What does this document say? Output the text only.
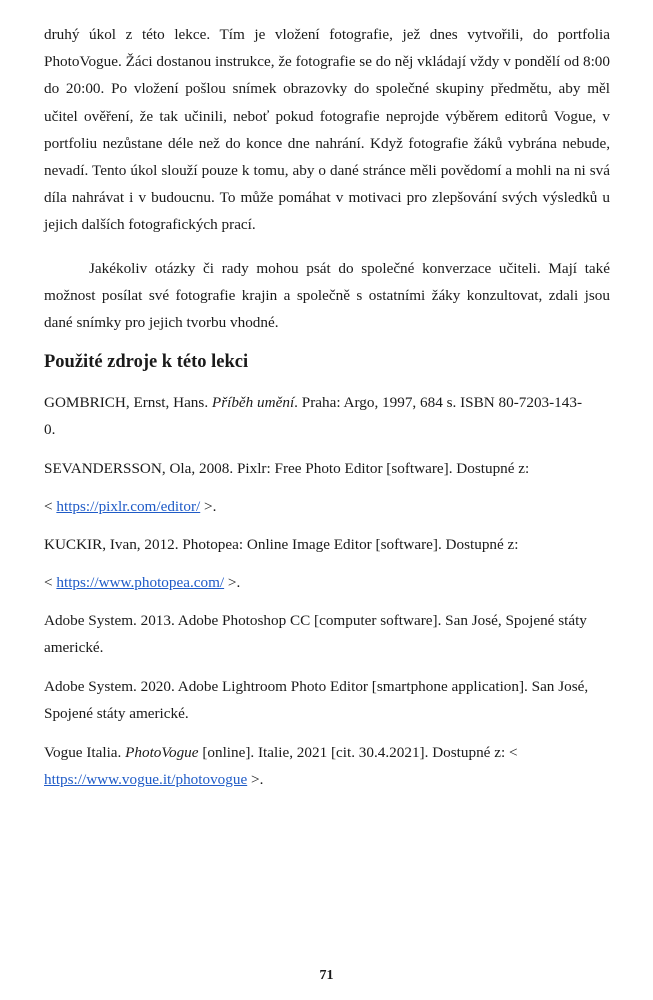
druhý úkol z této lekce. Tím je vložení fotografie, jež dnes vytvořili, do portfolia PhotoVogue. Žáci dostanou instrukce, že fotografie se do něj vkládají vždy v pondělí od 8:00 do 20:00. Po vložení pošlou snímek obrazovky do společné skupiny předmětu, aby měl učitel ověření, že tak učinili, neboť pokud fotografie neprojde výběrem editorů Vogue, v portfoliu nezůstane déle než do konce dne nahrání. Když fotografie žáků vybrána nebude, nevadí. Tento úkol slouží pouze k tomu, aby o dané stránce měli povědomí a mohli na ni svá díla nahrávat i v budoucnu. To může pomáhat v motivaci pro zlepšování svých výsledků u jejich dalších fotografických prací.

Jakékoliv otázky či rady mohou psát do společné konverzace učiteli. Mají také možnost posílat své fotografie krajin a společně s ostatními žáky konzultovat, zdali jsou dané snímky pro jejich tvorbu vhodné.

Použité zdroje k této lekci

GOMBRICH, Ernst, Hans. Příběh umění. Praha: Argo, 1997, 684 s. ISBN 80-7203-143-0.

SEVANDERSSON, Ola, 2008. Pixlr: Free Photo Editor [software]. Dostupné z:

< https://pixlr.com/editor/ >.

KUCKIR, Ivan, 2012. Photopea: Online Image Editor [software]. Dostupné z:

< https://www.photopea.com/ >.

Adobe System. 2013. Adobe Photoshop CC [computer software]. San José, Spojené státy americké.

Adobe System. 2020. Adobe Lightroom Photo Editor [smartphone application]. San José, Spojené státy americké.

Vogue Italia. PhotoVogue [online]. Italie, 2021 [cit. 30.4.2021]. Dostupné z: < https://www.vogue.it/photovogue >.

71
